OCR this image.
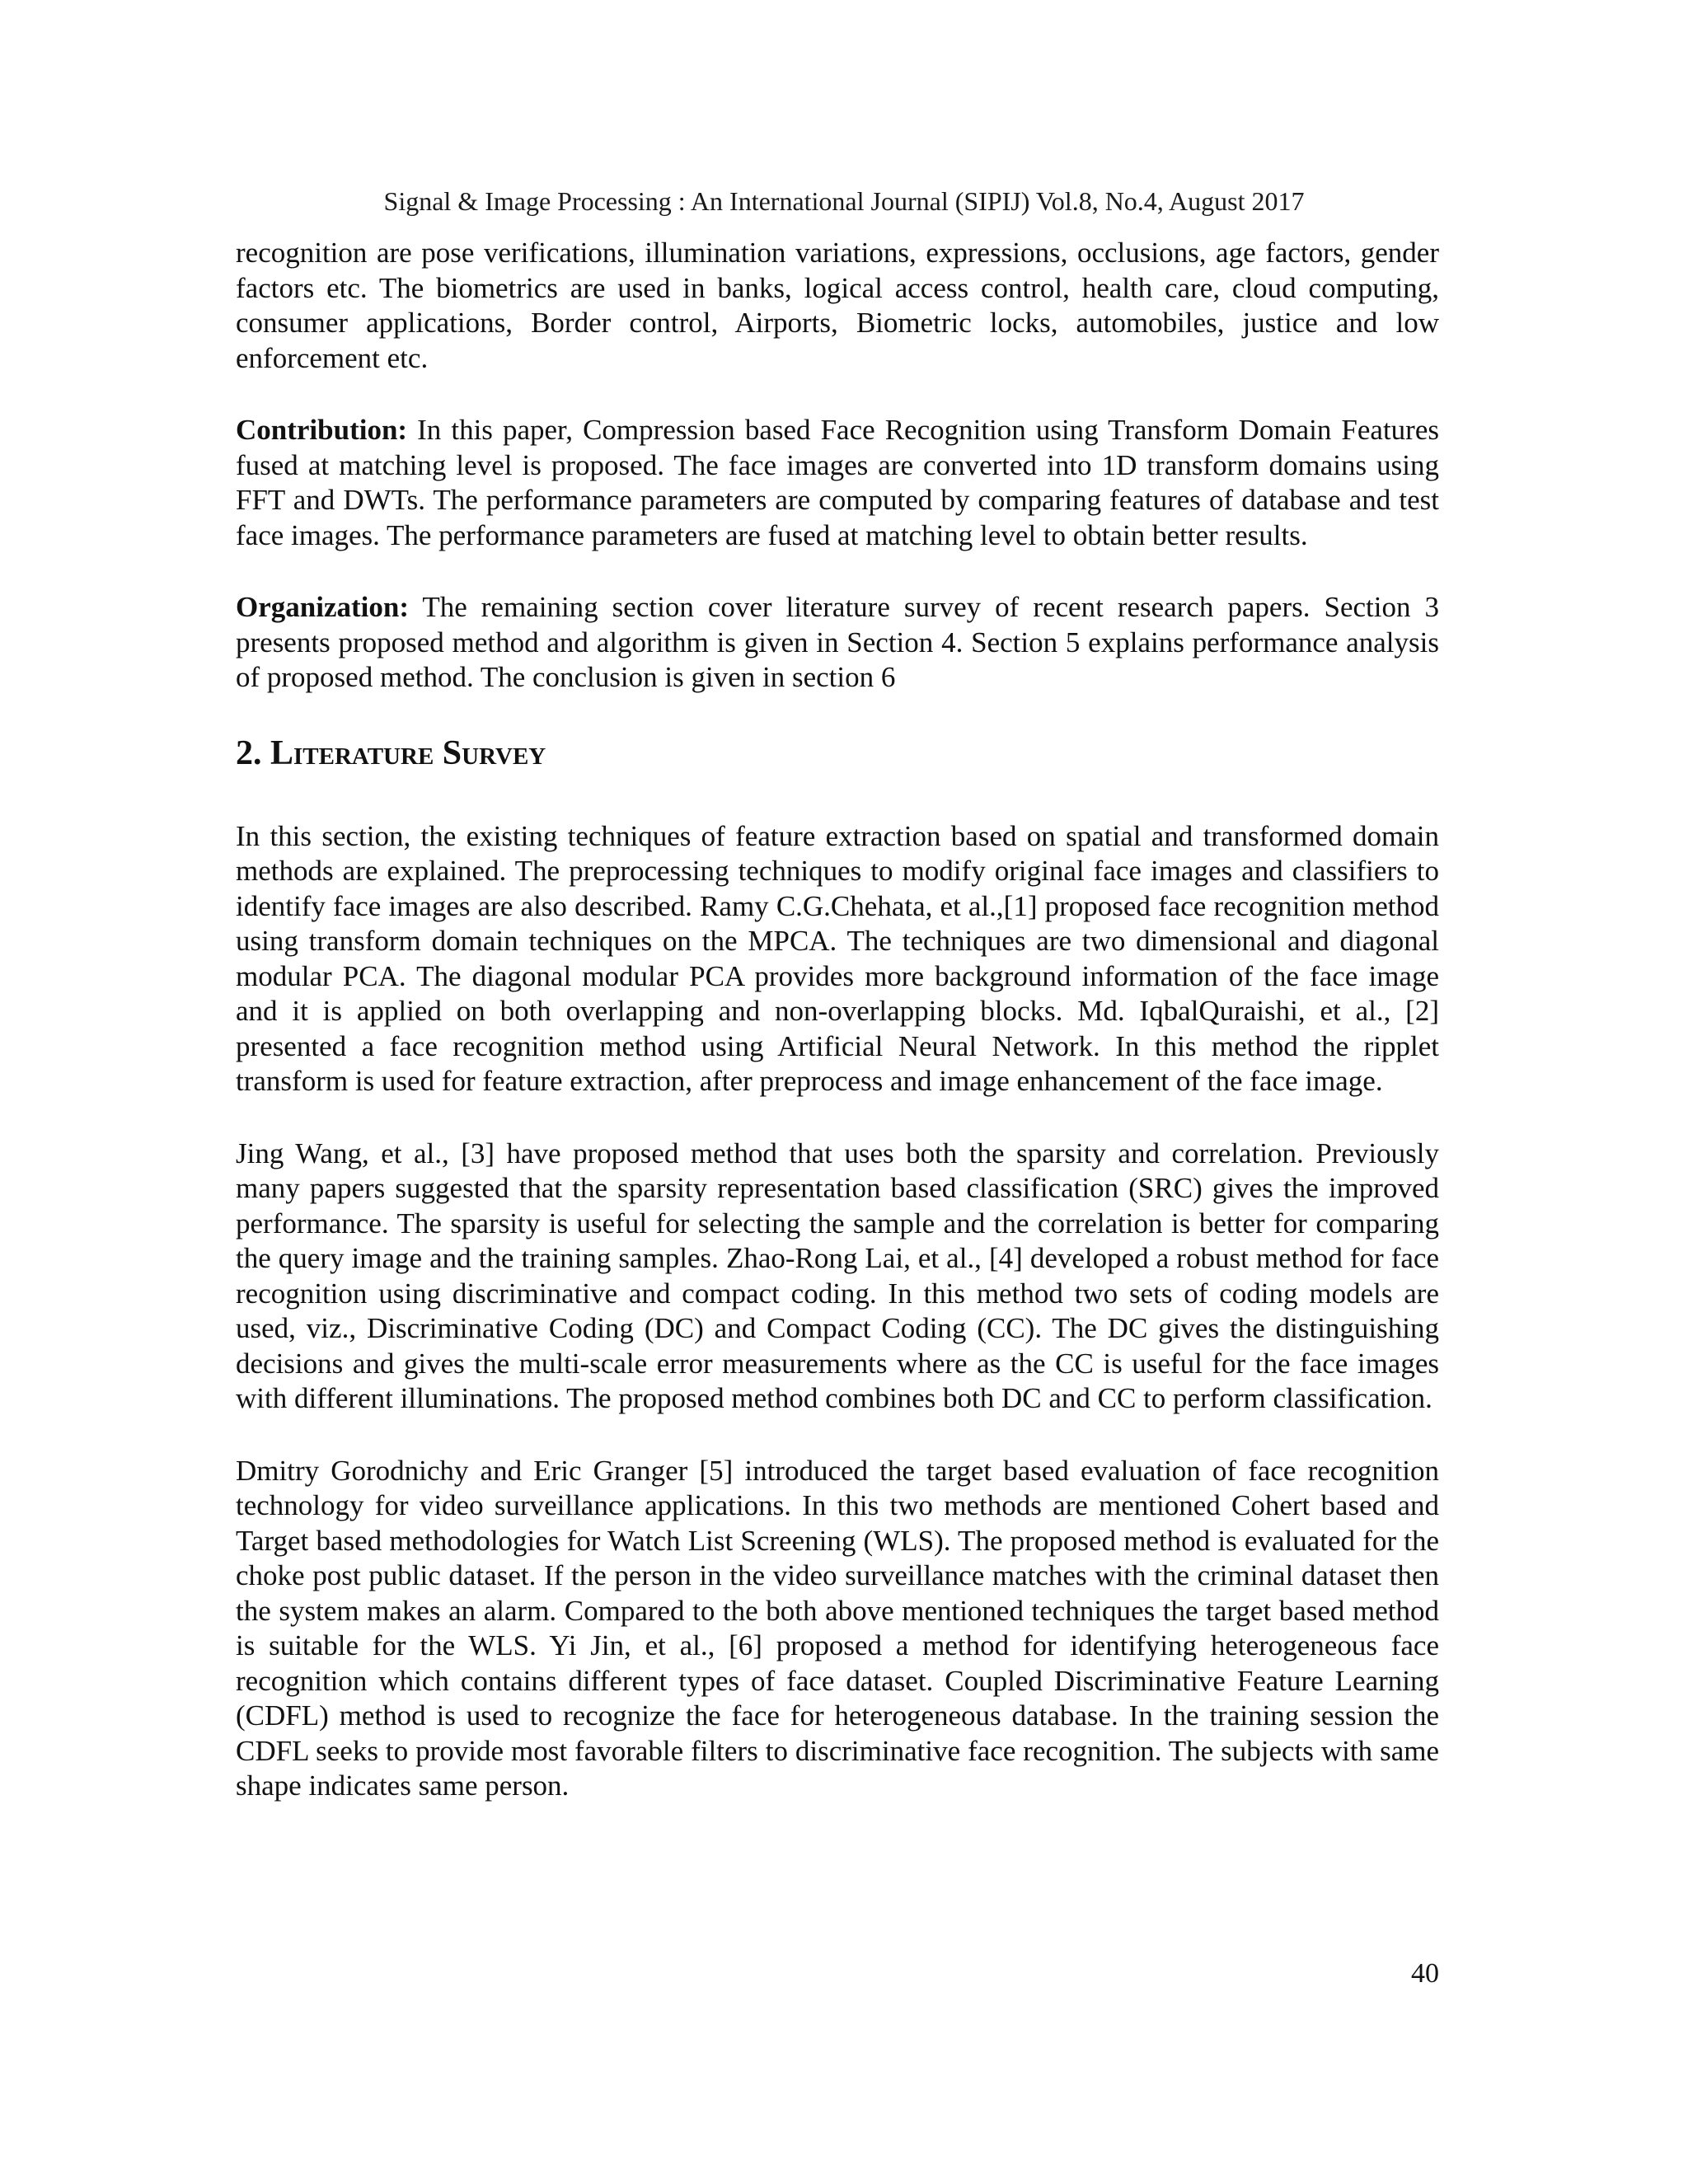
Signal & Image Processing : An International Journal (SIPIJ) Vol.8, No.4, August 2017

recognition are pose verifications, illumination variations, expressions, occlusions, age factors, gender factors etc. The biometrics are used in banks, logical access control, health care, cloud computing, consumer applications, Border control, Airports, Biometric locks, automobiles, justice and low enforcement etc.

Contribution: In this paper, Compression based Face Recognition using Transform Domain Features fused at matching level is proposed. The face images are converted into 1D transform domains using FFT and DWTs. The performance parameters are computed by comparing features of database and test face images. The performance parameters are fused at matching level to obtain better results.

Organization: The remaining section cover literature survey of recent research papers. Section 3 presents proposed method and algorithm is given in Section 4. Section 5 explains performance analysis of proposed method. The conclusion is given in section 6

2. Literature Survey

In this section, the existing techniques of feature extraction based on spatial and transformed domain methods are explained. The preprocessing techniques to modify original face images and classifiers to identify face images are also described. Ramy C.G.Chehata, et al.,[1] proposed face recognition method using transform domain techniques on the MPCA. The techniques are two dimensional and diagonal modular PCA. The diagonal modular PCA provides more background information of the face image and it is applied on both overlapping and non-overlapping blocks. Md. IqbalQuraishi, et al., [2] presented a face recognition method using Artificial Neural Network. In this method the ripplet transform is used for feature extraction, after preprocess and image enhancement of the face image.

Jing Wang, et al., [3] have proposed method that uses both the sparsity and correlation. Previously many papers suggested that the sparsity representation based classification (SRC) gives the improved performance. The sparsity is useful for selecting the sample and the correlation is better for comparing the query image and the training samples. Zhao-Rong Lai, et al., [4] developed a robust method for face recognition using discriminative and compact coding. In this method two sets of coding models are used, viz., Discriminative Coding (DC) and Compact Coding (CC). The DC gives the distinguishing decisions and gives the multi-scale error measurements where as the CC is useful for the face images with different illuminations. The proposed method combines both DC and CC to perform classification.

Dmitry Gorodnichy and Eric Granger [5] introduced the target based evaluation of face recognition technology for video surveillance applications. In this two methods are mentioned Cohert based and Target based methodologies for Watch List Screening (WLS). The proposed method is evaluated for the choke post public dataset. If the person in the video surveillance matches with the criminal dataset then the system makes an alarm. Compared to the both above mentioned techniques the target based method is suitable for the WLS. Yi Jin, et al., [6] proposed a method for identifying heterogeneous face recognition which contains different types of face dataset. Coupled Discriminative Feature Learning (CDFL) method is used to recognize the face for heterogeneous database. In the training session the CDFL seeks to provide most favorable filters to discriminative face recognition. The subjects with same shape indicates same person.

40
